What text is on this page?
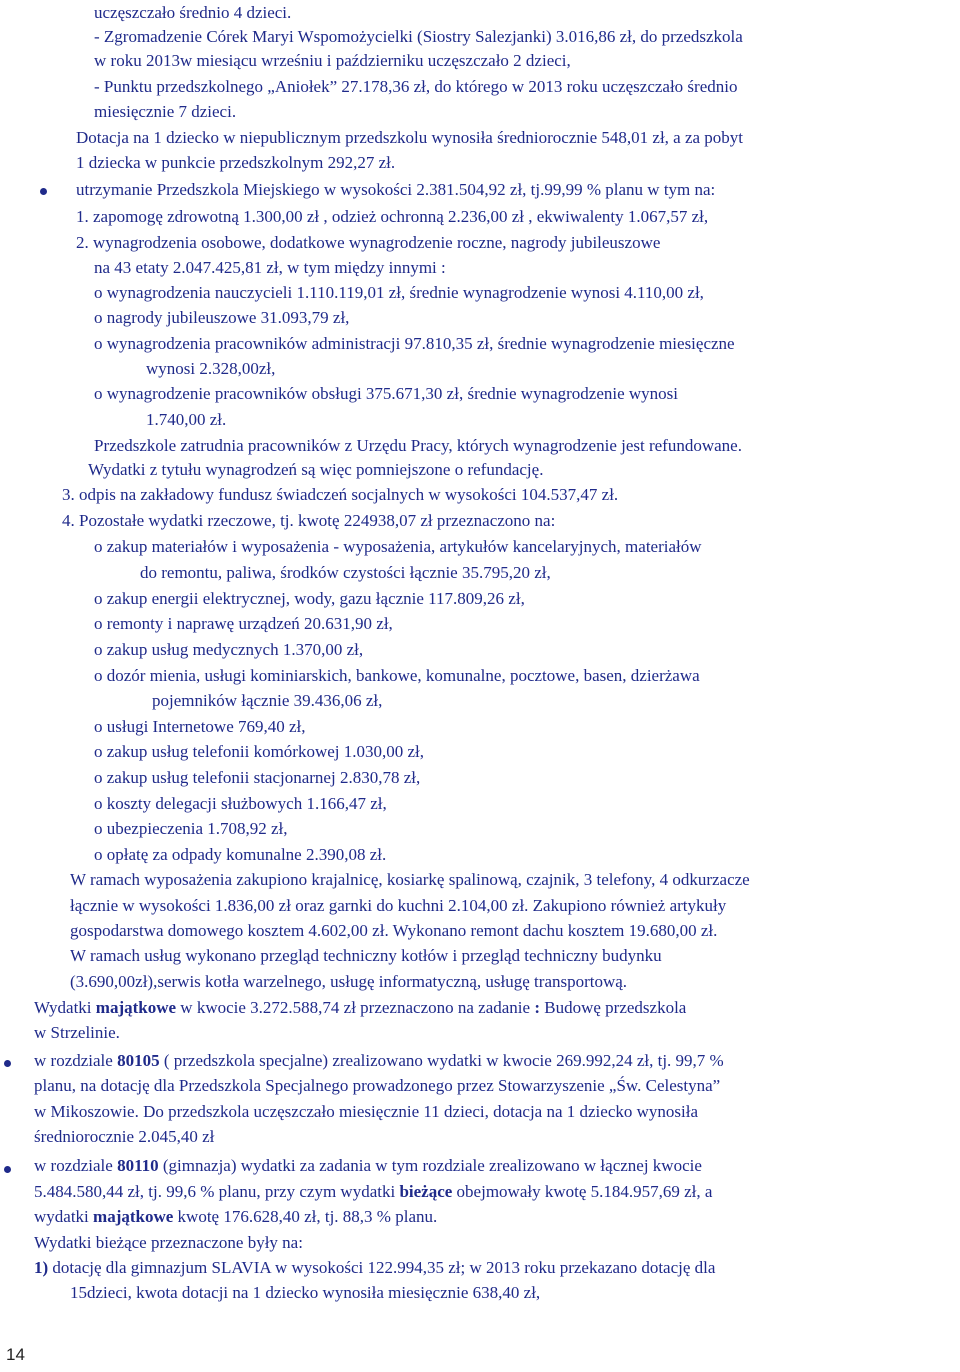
uczęszczało średnio 4 dzieci.
- Zgromadzenie Córek Maryi Wspomożycielki (Siostry Salezjanki) 3.016,86 zł, do przedszkola
w roku 2013w miesiącu wrześniu i październiku uczęszczało 2 dzieci,
- Punktu przedszkolnego „Aniołek” 27.178,36 zł, do którego w 2013 roku uczęszczało średnio
miesięcznie 7 dzieci.
Dotacja na 1 dziecko w niepublicznym przedszkolu wynosiła średniorocznie 548,01 zł, a za pobyt
1 dziecka w punkcie przedszkolnym 292,27 zł.
utrzymanie Przedszkola Miejskiego w wysokości 2.381.504,92 zł, tj.99,99 % planu w tym na:
1. zapomogę zdrowotną 1.300,00 zł , odzież ochronną 2.236,00 zł , ekwiwalenty 1.067,57 zł,
2. wynagrodzenia osobowe, dodatkowe wynagrodzenie roczne, nagrody jubileuszowe
na 43 etaty 2.047.425,81 zł, w tym między innymi :
o wynagrodzenia nauczycieli 1.110.119,01 zł, średnie wynagrodzenie wynosi 4.110,00 zł,
o nagrody jubileuszowe 31.093,79 zł,
o wynagrodzenia pracowników administracji 97.810,35 zł, średnie wynagrodzenie miesięczne
wynosi 2.328,00zł,
o wynagrodzenie pracowników obsługi 375.671,30 zł, średnie wynagrodzenie wynosi
1.740,00 zł.
Przedszkole zatrudnia pracowników z Urzędu Pracy, których wynagrodzenie jest refundowane.
Wydatki z tytułu wynagrodzeń są więc pomniejszone o refundację.
3. odpis na zakładowy fundusz świadczeń socjalnych w wysokości 104.537,47 zł.
4. Pozostałe wydatki rzeczowe, tj. kwotę 224938,07 zł przeznaczono na:
o zakup materiałów i wyposażenia - wyposażenia, artykułów kancelaryjnych, materiałów
do remontu, paliwa, środków czystości łącznie 35.795,20 zł,
o zakup energii elektrycznej, wody, gazu łącznie 117.809,26 zł,
o remonty i naprawę urządzeń 20.631,90 zł,
o zakup usług medycznych 1.370,00 zł,
o dozór mienia, usługi kominiarskich, bankowe, komunalne, pocztowe, basen, dzierżawa
pojemników łącznie 39.436,06 zł,
o usługi Internetowe 769,40 zł,
o zakup usług telefonii komórkowej 1.030,00 zł,
o zakup usług telefonii stacjonarnej 2.830,78 zł,
o koszty delegacji służbowych 1.166,47 zł,
o ubezpieczenia 1.708,92 zł,
o opłatę za odpady komunalne 2.390,08 zł.
W ramach wyposażenia zakupiono krajalnicę, kosiarkę spalinową, czajnik, 3 telefony, 4 odkurzacze
łącznie w wysokości 1.836,00 zł oraz garnki do kuchni 2.104,00 zł. Zakupiono również artykuły
gospodarstwa domowego kosztem 4.602,00 zł. Wykonano remont dachu kosztem 19.680,00 zł.
W ramach usług wykonano przegląd techniczny kotłów i przegląd techniczny budynku
(3.690,00zł),serwis kotła warzelnego, usługę informatyczną, usługę transportową.
Wydatki majątkowe w kwocie 3.272.588,74 zł przeznaczono na zadanie : Budowę przedszkola
w Strzelinie.
w rozdziale 80105 ( przedszkola specjalne) zrealizowano wydatki w kwocie 269.992,24 zł, tj. 99,7 %
planu, na dotację dla Przedszkola Specjalnego prowadzonego przez Stowarzyszenie „Św. Celestyna”
w Mikoszowie. Do przedszkola uczęszczało miesięcznie 11 dzieci, dotacja na 1 dziecko wynosiła
średniorocznie 2.045,40 zł
w rozdziale 80110 (gimnazja) wydatki za zadania w tym rozdziale zrealizowano w łącznej kwocie
5.484.580,44 zł, tj. 99,6 % planu, przy czym wydatki bieżące obejmowały kwotę 5.184.957,69 zł, a
wydatki majątkowe kwotę 176.628,40 zł, tj. 88,3 % planu.
Wydatki bieżące przeznaczone były na:
1) dotację dla gimnazjum SLAVIA w wysokości 122.994,35 zł; w 2013 roku przekazano dotację dla
15dzieci, kwota dotacji na 1 dziecko wynosiła miesięcznie 638,40 zł,
14
